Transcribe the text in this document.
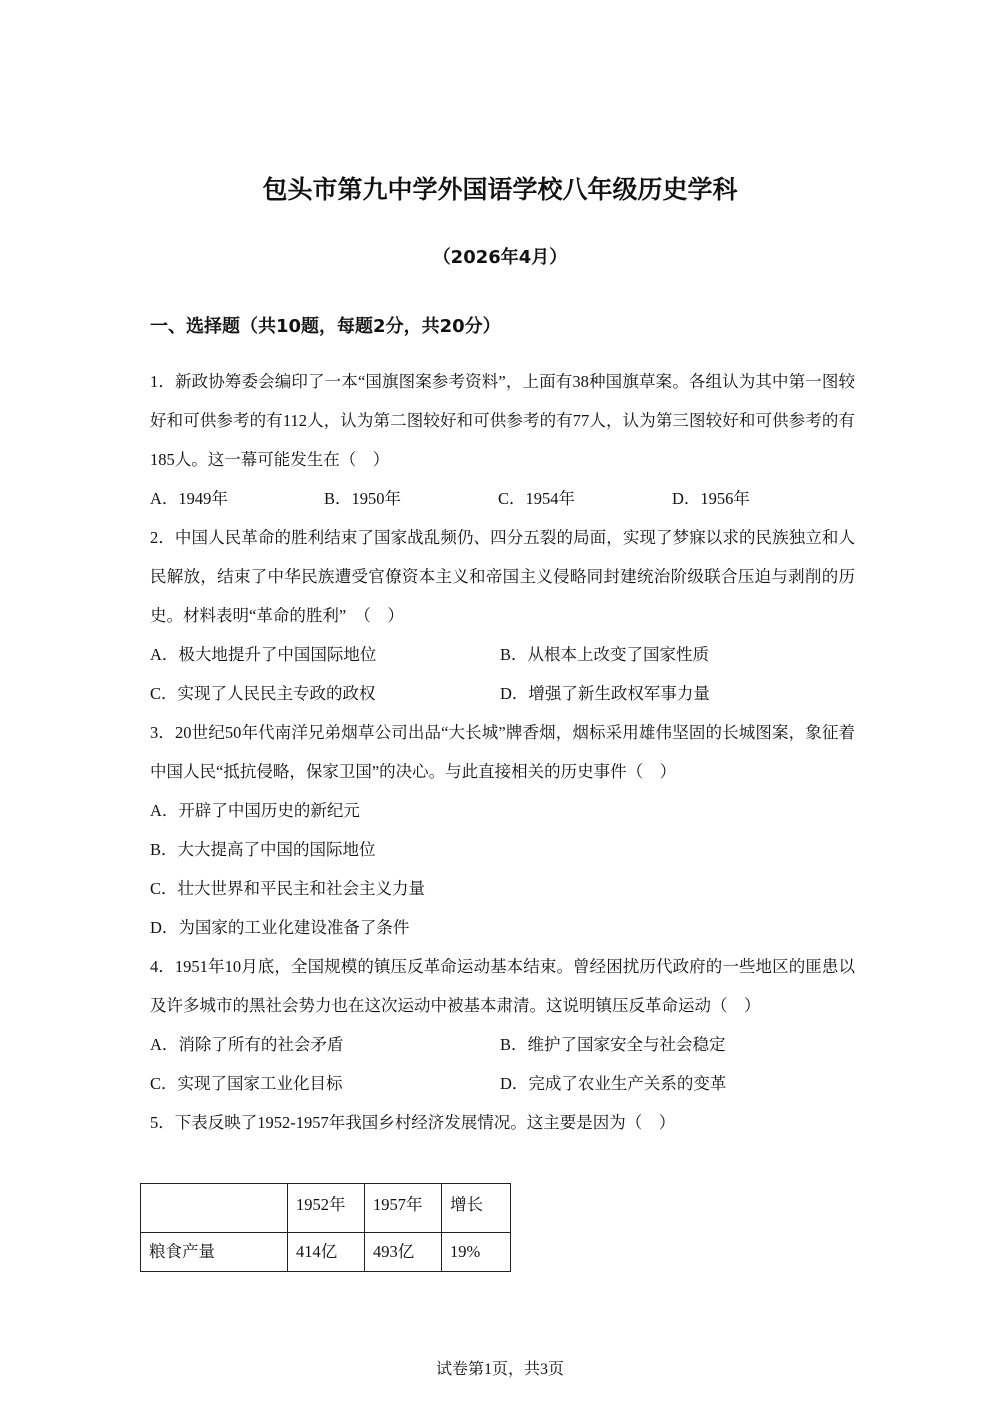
包头市第九中学外国语学校八年级历史学科
（2026年4月）
一、选择题（共10题，每题2分，共20分）

1．新政协筹委会编印了一本“国旗图案参考资料”，上面有38种国旗草案。各组认为其中第一图较好和可供参考的有112人，认为第二图较好和可供参考的有77人，认为第三图较好和可供参考的有185人。这一幕可能发生在（　）

A．1949年	B．1950年	C．1954年	D．1956年

2．中国人民革命的胜利结束了国家战乱频仍、四分五裂的局面，实现了梦寐以求的民族独立和人民解放，结束了中华民族遭受官僚资本主义和帝国主义侵略同封建统治阶级联合压迫与剥削的历史。材料表明“革命的胜利”　（　）

A．极大地提升了中国国际地位	B．从根本上改变了国家性质
C．实现了人民民主专政的政权	D．增强了新生政权军事力量

3．20世纪50年代南洋兄弟烟草公司出品“大长城”牌香烟，烟标采用雄伟坚固的长城图案，象征着中国人民“抵抗侵略，保家卫国”的决心。与此直接相关的历史事件（　）

A．开辟了中国历史的新纪元
B．大大提高了中国的国际地位
C．壮大世界和平民主和社会主义力量
D．为国家的工业化建设准备了条件

4．1951年10月底，全国规模的镇压反革命运动基本结束。曾经困扰历代政府的一些地区的匪患以及许多城市的黑社会势力也在这次运动中被基本肃清。这说明镇压反革命运动（　）

A．消除了所有的社会矛盾	B．维护了国家安全与社会稳定
C．实现了国家工业化目标	D．完成了农业生产关系的变革

5．下表反映了1952-1957年我国乡村经济发展情况。这主要是因为（　）

	1952年	1957年	增长
粮食产量	414亿	493亿	19%
试卷第1页，共3页
